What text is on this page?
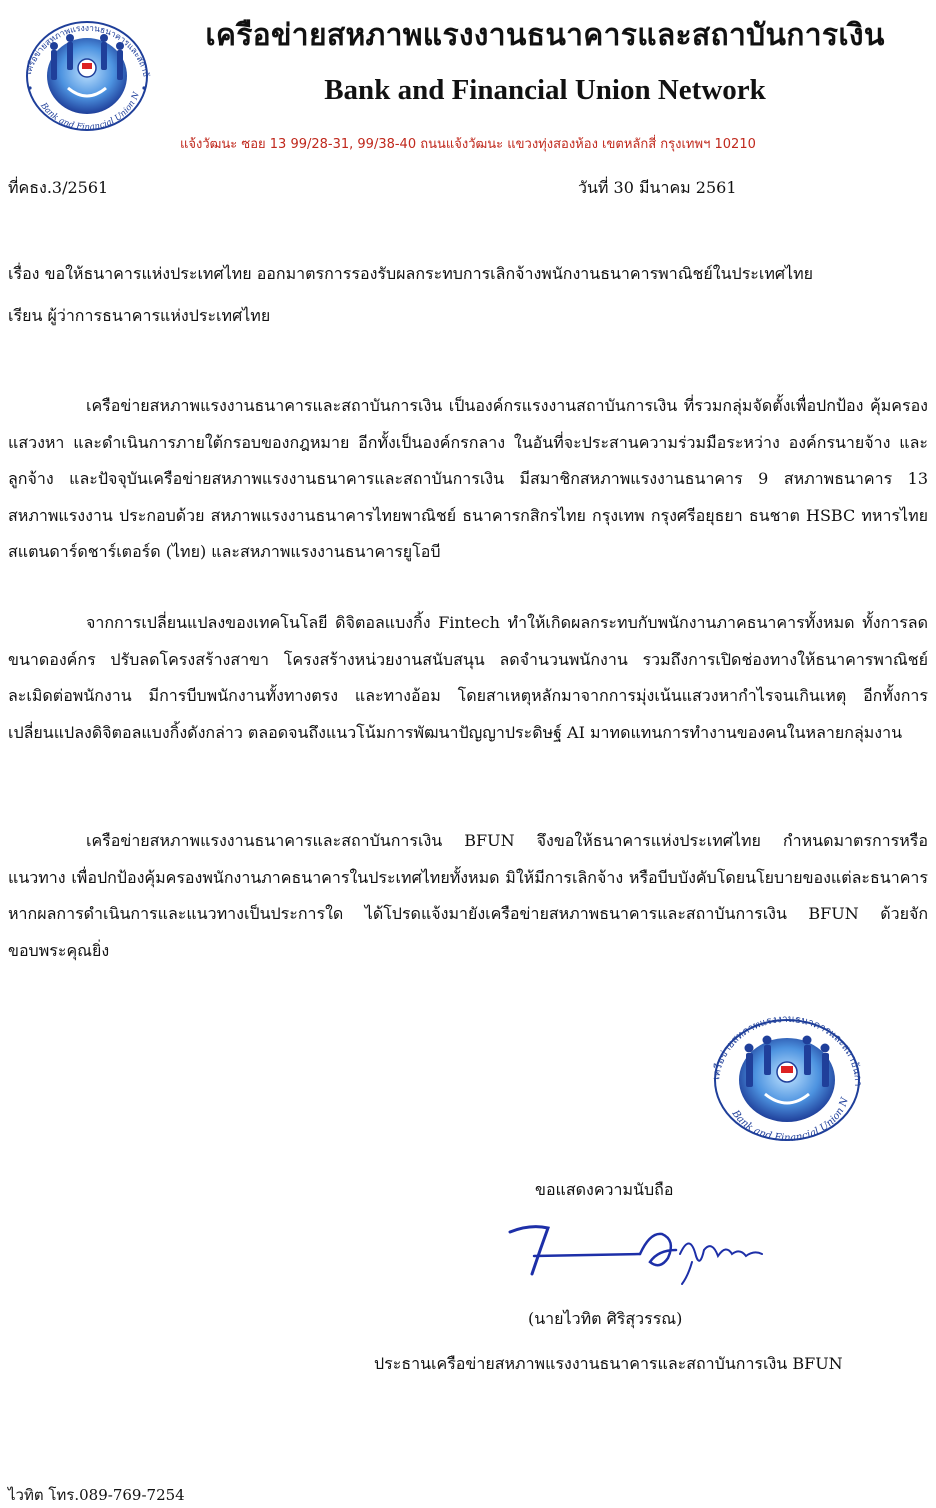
เครือข่ายสหภาพแรงงานธนาคารและสถาบั
Bank and Financial Union N
เครือข่ายสหภาพแรงงานธนาคารและสถาบันการเงิน
Bank and Financial Union Network
แจ้งวัฒนะ ซอย 13 99/28-31, 99/38-40 ถนนแจ้งวัฒนะ แขวงทุ่งสองห้อง เขตหลักสี่ กรุงเทพฯ 10210
ที่คธง.3/2561	วันที่ 30 มีนาคม 2561
เรื่อง ขอให้ธนาคารแห่งประเทศไทย ออกมาตรการรองรับผลกระทบการเลิกจ้างพนักงานธนาคารพาณิชย์ในประเทศไทย
เรียน ผู้ว่าการธนาคารแห่งประเทศไทย
เครือข่ายสหภาพแรงงานธนาคารและสถาบันการเงิน เป็นองค์กรแรงงานสถาบันการเงิน ที่รวมกลุ่มจัดตั้งเพื่อปกป้อง คุ้มครอง แสวงหา และดำเนินการภายใต้กรอบของกฎหมาย อีกทั้งเป็นองค์กรกลาง ในอันที่จะประสานความร่วมมือระหว่าง องค์กรนายจ้าง และลูกจ้าง และปัจจุบันเครือข่ายสหภาพแรงงานธนาคารและสถาบันการเงิน มีสมาชิกสหภาพแรงงานธนาคาร 9 สหภาพธนาคาร 13 สหภาพแรงงาน ประกอบด้วย สหภาพแรงงานธนาคารไทยพาณิชย์ ธนาคารกสิกรไทย กรุงเทพ กรุงศรีอยุธยา ธนชาต HSBC ทหารไทย สแตนดาร์ดชาร์เตอร์ด (ไทย) และสหภาพแรงงานธนาคารยูโอบี
จากการเปลี่ยนแปลงของเทคโนโลยี ดิจิตอลแบงกิ้ง Fintech ทำให้เกิดผลกระทบกับพนักงานภาคธนาคารทั้งหมด ทั้งการลดขนาดองค์กร ปรับลดโครงสร้างสาขา โครงสร้างหน่วยงานสนับสนุน ลดจำนวนพนักงาน รวมถึงการเปิดช่องทางให้ธนาคารพาณิชย์ ละเมิดต่อพนักงาน มีการบีบพนักงานทั้งทางตรง และทางอ้อม โดยสาเหตุหลักมาจากการมุ่งเน้นแสวงหากำไรจนเกินเหตุ อีกทั้งการเปลี่ยนแปลงดิจิตอลแบงกิ้งดังกล่าว ตลอดจนถึงแนวโน้มการพัฒนาปัญญาประดิษฐ์ AI มาทดแทนการทำงานของคนในหลายกลุ่มงาน
เครือข่ายสหภาพแรงงานธนาคารและสถาบันการเงิน BFUN จึงขอให้ธนาคารแห่งประเทศไทย กำหนดมาตรการหรือแนวทาง เพื่อปกป้องคุ้มครองพนักงานภาคธนาคารในประเทศไทยทั้งหมด มิให้มีการเลิกจ้าง หรือบีบบังคับโดยนโยบายของแต่ละธนาคาร หากผลการดำเนินการและแนวทางเป็นประการใด ได้โปรดแจ้งมายังเครือข่ายสหภาพธนาคารและสถาบันการเงิน BFUN ด้วยจักขอบพระคุณยิ่ง
เครือข่ายสหภาพแรงงานธนาคารและสถาบันกา
Bank and Financial Union N
ขอแสดงความนับถือ
(นายไวทิต ศิริสุวรรณ)
ประธานเครือข่ายสหภาพแรงงานธนาคารและสถาบันการเงิน BFUN
ไวทิต โทร.089-769-7254
